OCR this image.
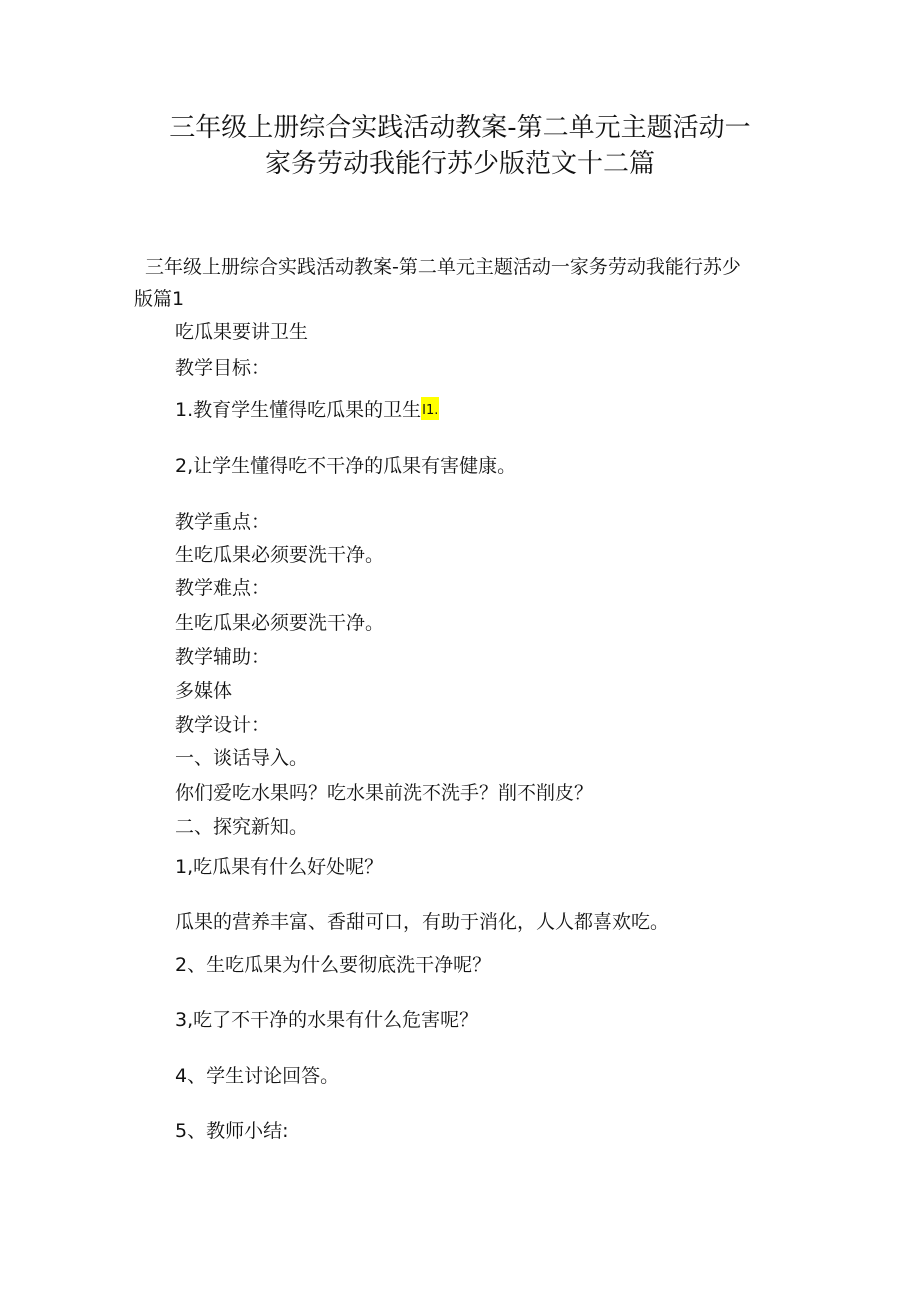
三年级上册综合实践活动教案-第二单元主题活动一
家务劳动我能行苏少版范文十二篇
三年级上册综合实践活动教案-第二单元主题活动一家务劳动我能行苏少
版篇1
吃瓜果要讲卫生
教学目标：
1.教育学生懂得吃瓜果的卫生I1.
2,让学生懂得吃不干净的瓜果有害健康。
教学重点：
生吃瓜果必须要洗干净。
教学难点：
生吃瓜果必须要洗干净。
教学辅助：
多媒体
教学设计：
一、谈话导入。
你们爱吃水果吗？吃水果前洗不洗手？削不削皮？
二、探究新知。
1,吃瓜果有什么好处呢？
瓜果的营养丰富、香甜可口，有助于消化，人人都喜欢吃。
2、生吃瓜果为什么要彻底洗干净呢？
3,吃了不干净的水果有什么危害呢？
4、学生讨论回答。
5、教师小结:
